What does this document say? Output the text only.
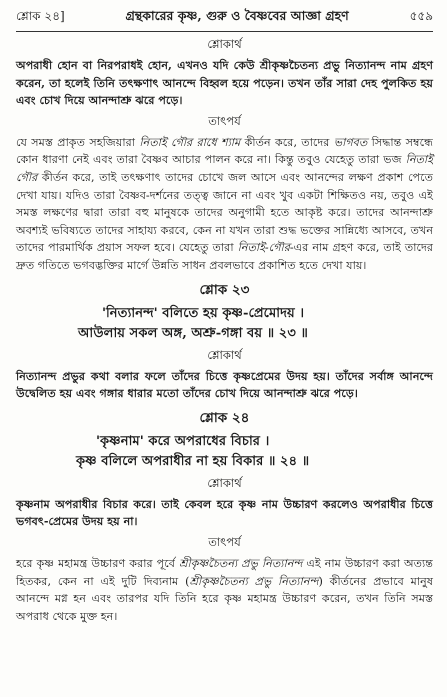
শ্লোক ২৪]	গ্রন্থকারের কৃষ্ণ, গুরু ও বৈষ্ণবের আজ্ঞা গ্রহণ	৫৫৯
শ্লোকার্থ

অপরাধী হোন বা নিরপরাধই হোন, এখনও যদি কেউ শ্রীকৃষ্ণচৈতন্য প্রভু নিত্যানন্দ নাম গ্রহণ করেন, তা হলেই তিনি তৎক্ষণাৎ আনন্দে বিহ্বল হয়ে পড়েন। তখন তাঁর সারা দেহ পুলকিত হয় এবং চোখ দিয়ে আনন্দাশ্রু ঝরে পড়ে।

তাৎপর্য

যে সমস্ত প্রাকৃত সহজিয়ারা নিতাই গৌর রাধে শ্যাম কীর্তন করে, তাদের ভাগবত সিদ্ধান্ত সম্বন্ধে কোন ধারণা নেই এবং তারা বৈষ্ণব আচার পালন করে না। কিন্তু তবুও যেহেতু তারা ভজ নিতাই গৌর কীর্তন করে, তাই তৎক্ষণাৎ তাদের চোখে জল আসে এবং আনন্দের লক্ষণ প্রকাশ পেতে দেখা যায়। যদিও তারা বৈষ্ণব-দর্শনের তত্ত্ব জানে না এবং খুব একটা শিক্ষিতও নয়, তবুও এই সমস্ত লক্ষণের দ্বারা তারা বহু মানুষকে তাদের অনুগামী হতে আকৃষ্ট করে। তাদের আনন্দাশ্রু অবশ্যই ভবিষ্যতে তাদের সাহায্য করবে, কেন না যখন তারা শুদ্ধ ভক্তের সান্নিধ্যে আসবে, তখন তাদের পারমার্থিক প্রয়াস সফল হবে। যেহেতু তারা নিতাই-গৌর-এর নাম গ্রহণ করে, তাই তাদের দ্রুত গতিতে ভগবদ্ভক্তির মার্গে উন্নতি সাধন প্রবলভাবে প্রকাশিত হতে দেখা যায়।

শ্লোক ২৩

'নিত্যানন্দ' বলিতে হয় কৃষ্ণ-প্রেমোদয় ।

আউলায় সকল অঙ্গ, অশ্রু-গঙ্গা বয় ॥ ২৩ ॥

শ্লোকার্থ

নিত্যানন্দ প্রভুর কথা বলার ফলে তাঁদের চিত্তে কৃষ্ণপ্রেমের উদয় হয়। তাঁদের সর্বাঙ্গ আনন্দে উদ্বেলিত হয় এবং গঙ্গার ধারার মতো তাঁদের চোখ দিয়ে আনন্দাশ্রু ঝরে পড়ে।

শ্লোক ২৪

'কৃষ্ণনাম' করে অপরাধের বিচার ।

কৃষ্ণ বলিলে অপরাধীর না হয় বিকার ॥ ২৪ ॥

শ্লোকার্থ

কৃষ্ণনাম অপরাধীর বিচার করে। তাই কেবল হরে কৃষ্ণ নাম উচ্চারণ করলেও অপরাধীর চিত্তে ভগবৎ-প্রেমের উদয় হয় না।

তাৎপর্য

হরে কৃষ্ণ মহামন্ত্র উচ্চারণ করার পূর্বে শ্রীকৃষ্ণচৈতন্য প্রভু নিত্যানন্দ এই নাম উচ্চারণ করা অত্যন্ত হিতকর, কেন না এই দুটি দিব্যনাম (শ্রীকৃষ্ণচৈতন্য প্রভু নিত্যানন্দ) কীর্তনের প্রভাবে মানুষ আনন্দে মগ্ন হন এবং তারপর যদি তিনি হরে কৃষ্ণ মহামন্ত্র উচ্চারণ করেন, তখন তিনি সমস্ত অপরাধ থেকে মুক্ত হন।
